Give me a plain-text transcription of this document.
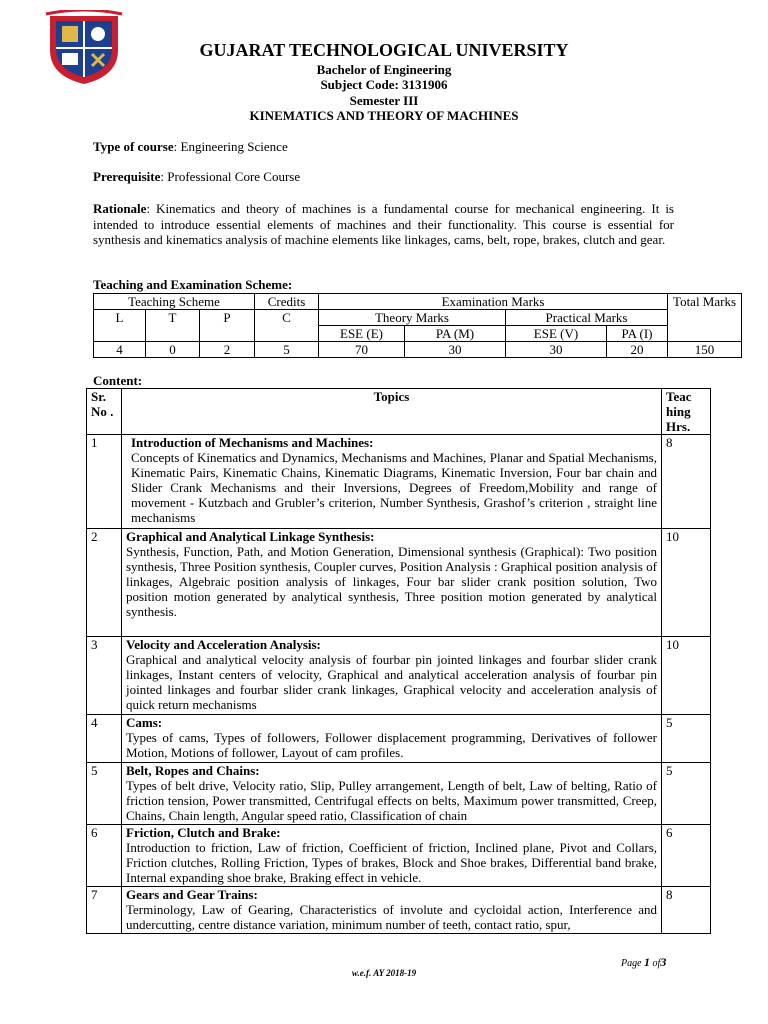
GUJARAT TECHNOLOGICAL UNIVERSITY
Bachelor of Engineering
Subject Code: 3131906
Semester III
KINEMATICS AND THEORY OF MACHINES
Type of course: Engineering Science
Prerequisite: Professional Core Course
Rationale: Kinematics and theory of machines is a fundamental course for mechanical engineering. It is intended to introduce essential elements of machines and their functionality. This course is essential for synthesis and kinematics analysis of machine elements like linkages, cams, belt, rope, brakes, clutch and gear.
Teaching and Examination Scheme:
Teaching Scheme			Credits	Examination Marks				Total Marks
L	T	P	C	Theory Marks		Practical Marks		
				ESE (E)	PA (M)	ESE (V)	PA (I)	
4	0	2	5	70	30	30	20	150
Content:
Sr. No .	Topics	Teac hing Hrs.
1	Introduction of Mechanisms and Machines:
Concepts of Kinematics and Dynamics, Mechanisms and Machines, Planar and Spatial Mechanisms, Kinematic Pairs, Kinematic Chains, Kinematic Diagrams, Kinematic Inversion, Four bar chain and Slider Crank Mechanisms and their Inversions, Degrees of Freedom,Mobility and range of movement - Kutzbach and Grubler’s criterion, Number Synthesis, Grashof’s criterion , straight line mechanisms	8
2	Graphical and Analytical Linkage Synthesis:
Synthesis, Function, Path, and Motion Generation, Dimensional synthesis (Graphical): Two position synthesis, Three Position synthesis, Coupler curves, Position Analysis : Graphical position analysis of linkages, Algebraic position analysis of linkages, Four bar slider crank position solution, Two position motion generated by analytical synthesis, Three position motion generated by analytical synthesis.	10
3	Velocity and Acceleration Analysis:
Graphical and analytical velocity analysis of fourbar pin jointed linkages and fourbar slider crank linkages, Instant centers of velocity, Graphical and analytical acceleration analysis of fourbar pin jointed linkages and fourbar slider crank linkages, Graphical velocity and acceleration analysis of quick return mechanisms	10
4	Cams:
Types of cams, Types of followers, Follower displacement programming, Derivatives of follower Motion, Motions of follower, Layout of cam profiles.	5
5	Belt, Ropes and Chains:
Types of belt drive, Velocity ratio, Slip, Pulley arrangement, Length of belt, Law of belting, Ratio of friction tension, Power transmitted, Centrifugal effects on belts, Maximum power transmitted, Creep, Chains, Chain length, Angular speed ratio, Classification of chain	5
6	Friction, Clutch and Brake:
Introduction to friction, Law of friction, Coefficient of friction, Inclined plane, Pivot and Collars, Friction clutches, Rolling Friction, Types of brakes, Block and Shoe brakes, Differential band brake, Internal expanding shoe brake, Braking effect in vehicle.	6
7	Gears and Gear Trains:
Terminology, Law of Gearing, Characteristics of involute and cycloidal action, Interference and undercutting, centre distance variation, minimum number of teeth, contact ratio, spur,	8
Page 1 of3
w.e.f. AY 2018-19
